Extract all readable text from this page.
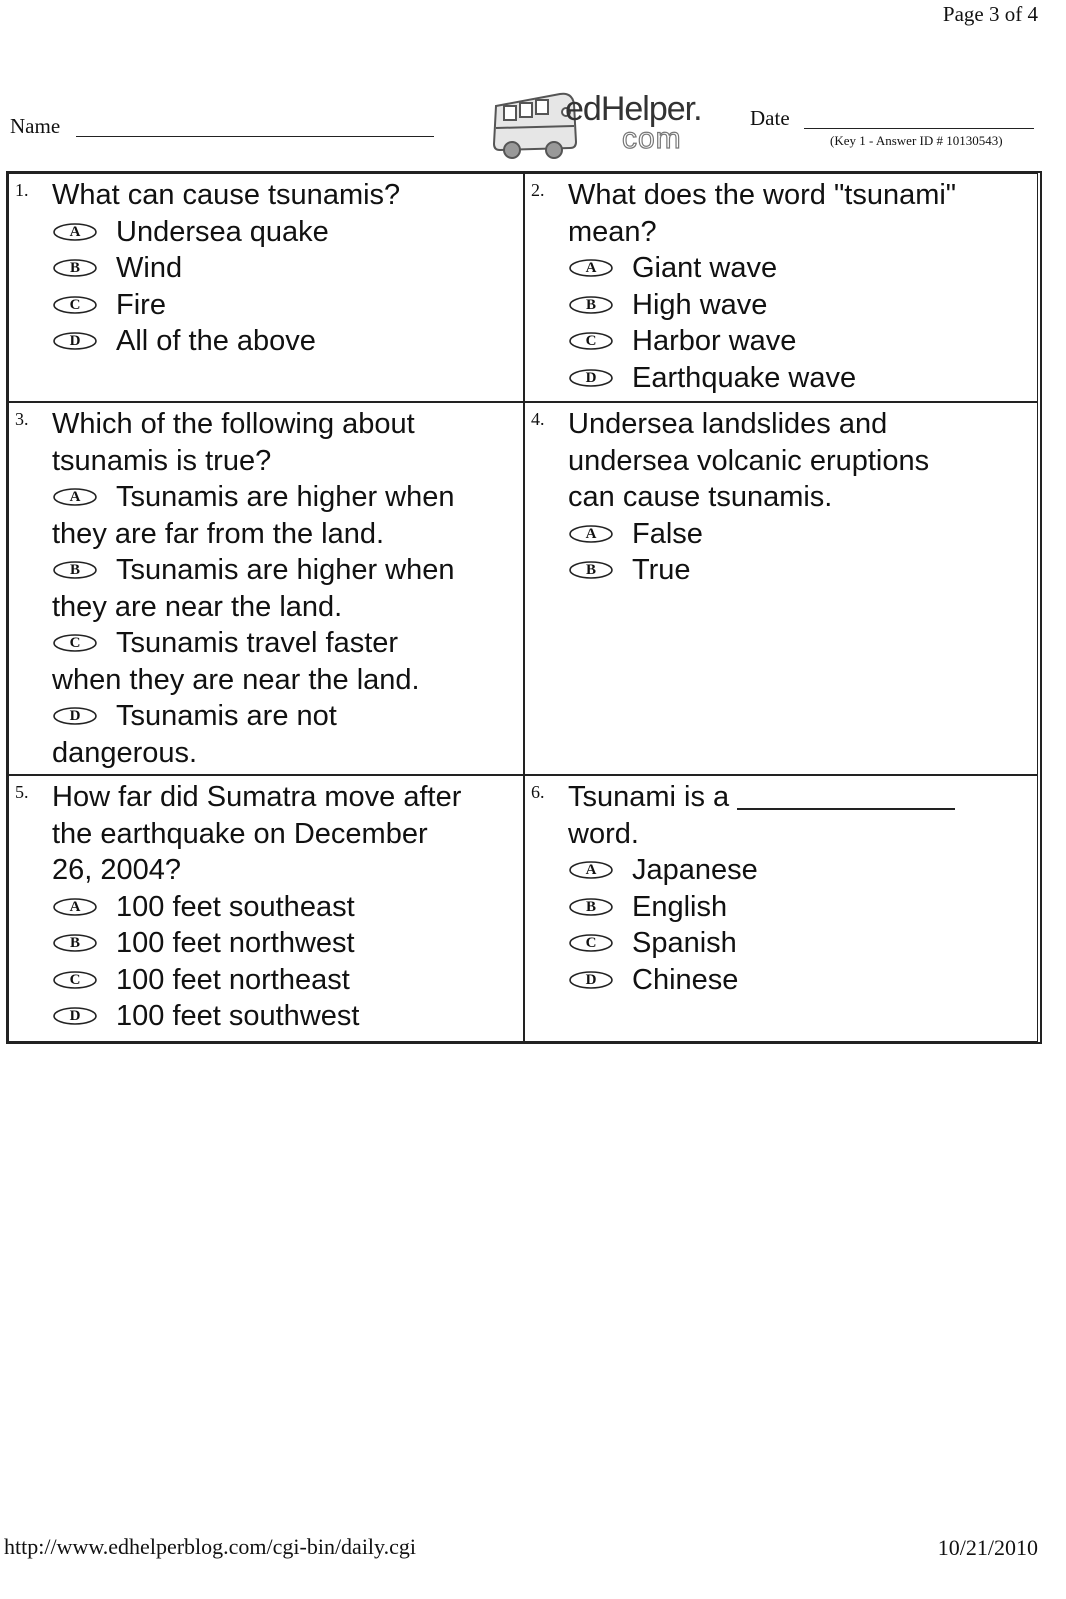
Page 3 of 4
Name	edHelper.
com
Date
(Key 1 - Answer ID # 10130543)
1. What can cause tsunamis?
A	Undersea quake
B	Wind
C	Fire
D	All of the above
2. What does the word "tsunami"
mean?
A	Giant wave
B	High wave
C	Harbor wave
D	Earthquake wave
3. Which of the following about
tsunamis is true?
A	Tsunamis are higher when
they are far from the land.
B	Tsunamis are higher when
they are near the land.
C	Tsunamis travel faster
when they are near the land.
D	Tsunamis are not
dangerous.
4. Undersea landslides and
undersea volcanic eruptions
can cause tsunamis.
A	False
B	True
5. How far did Sumatra move after
the earthquake on December
26, 2004?
A	100 feet southeast
B	100 feet northwest
C	100 feet northeast
D	100 feet southwest
6. Tsunami is a
word.
A	Japanese
B	English
C	Spanish
D	Chinese
http://www.edhelperblog.com/cgi-bin/daily.cgi	10/21/2010
